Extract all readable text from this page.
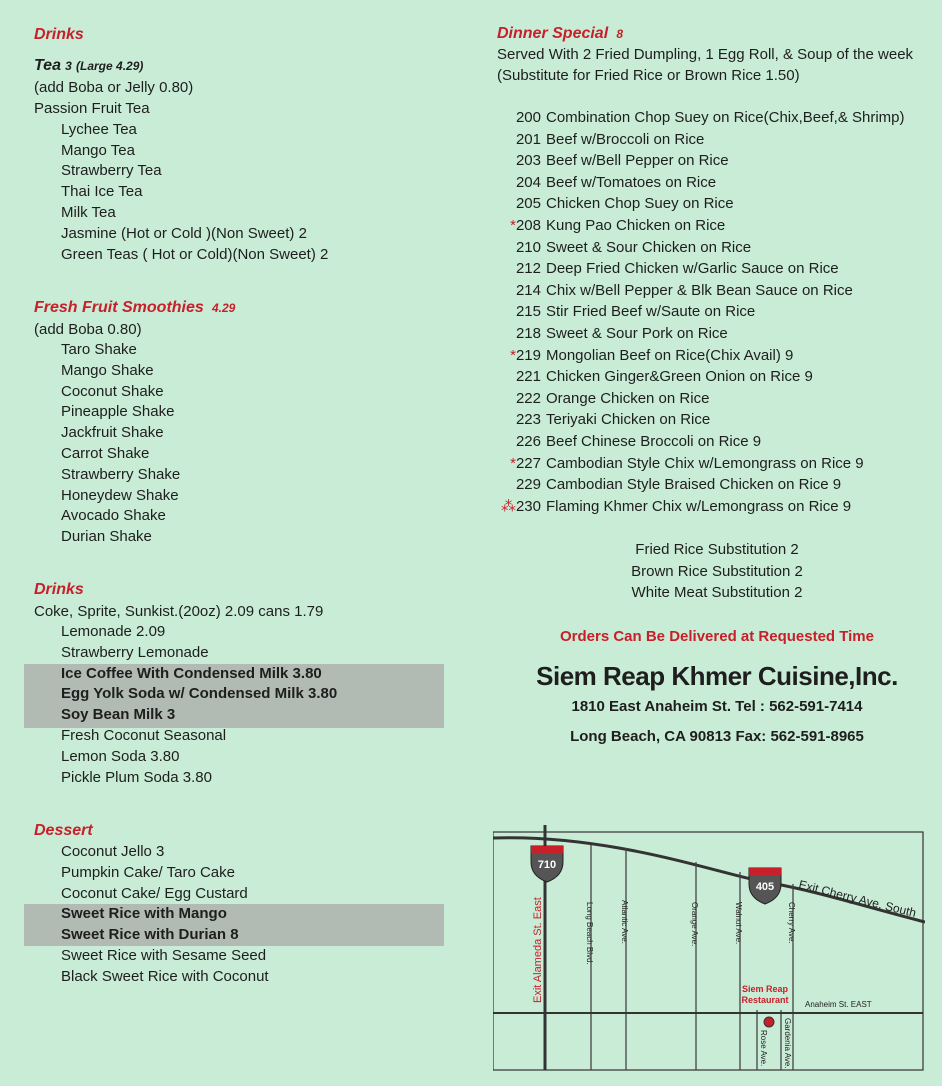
Drinks
Tea 3 (Large 4.29)
(add Boba or Jelly 0.80)
Passion Fruit Tea
Lychee Tea
Mango Tea
Strawberry Tea
Thai Ice Tea
Milk Tea
Jasmine (Hot or Cold )(Non Sweet) 2
Green Teas ( Hot or Cold)(Non Sweet) 2
Fresh Fruit Smoothies 4.29
(add Boba 0.80)
Taro Shake
Mango Shake
Coconut Shake
Pineapple Shake
Jackfruit Shake
Carrot Shake
Strawberry Shake
Honeydew Shake
Avocado Shake
Durian Shake
Drinks
Coke, Sprite, Sunkist.(20oz) 2.09 cans 1.79
Lemonade 2.09
Strawberry Lemonade
Ice Coffee With Condensed Milk 3.80
Egg Yolk Soda w/ Condensed Milk 3.80
Soy Bean Milk 3
Fresh Coconut Seasonal
Lemon Soda 3.80
Pickle Plum Soda 3.80
Dessert
Coconut Jello 3
Pumpkin Cake/ Taro Cake
Coconut Cake/ Egg Custard
Sweet Rice with Mango
Sweet Rice with Durian 8
Sweet Rice with Sesame Seed
Black Sweet Rice with Coconut
Dinner Special 8
Served With 2 Fried Dumpling, 1 Egg Roll, & Soup of the week
(Substitute for Fried Rice or Brown Rice 1.50)
200 Combination Chop Suey on Rice(Chix,Beef,& Shrimp)
201 Beef w/Broccoli on Rice
203 Beef w/Bell Pepper on Rice
204 Beef w/Tomatoes on Rice
205 Chicken Chop Suey on Rice
*208 Kung Pao Chicken on Rice
210 Sweet & Sour Chicken on Rice
212 Deep Fried Chicken w/Garlic Sauce on Rice
214 Chix w/Bell Pepper & Blk Bean Sauce on Rice
215 Stir Fried Beef w/Saute on Rice
218 Sweet & Sour Pork on Rice
*219 Mongolian Beef on Rice(Chix Avail) 9
221 Chicken Ginger&Green Onion on Rice 9
222 Orange Chicken on Rice
223 Teriyaki Chicken on Rice
226 Beef Chinese Broccoli on Rice 9
*227 Cambodian Style Chix w/Lemongrass on Rice 9
229 Cambodian Style Braised Chicken on Rice 9
⁂230 Flaming Khmer Chix w/Lemongrass on Rice 9
Fried Rice Substitution 2
Brown Rice Substitution 2
White Meat Substitution 2
Orders Can Be Delivered at Requested Time
Siem Reap Khmer Cuisine,Inc.
1810 East Anaheim St. Tel : 562-591-7414
Long Beach, CA 90813 Fax: 562-591-8965
710
405 Exit Cherry Ave. South
Exit Alameda St. East	Long Beach Blvd.	Atlantic Ave.	Orange Ave.	Walnut Ave.	Cherry Ave.
Siem Reap
Restaurant Anaheim St. EAST
Gardenia Ave.
Rose Ave.
